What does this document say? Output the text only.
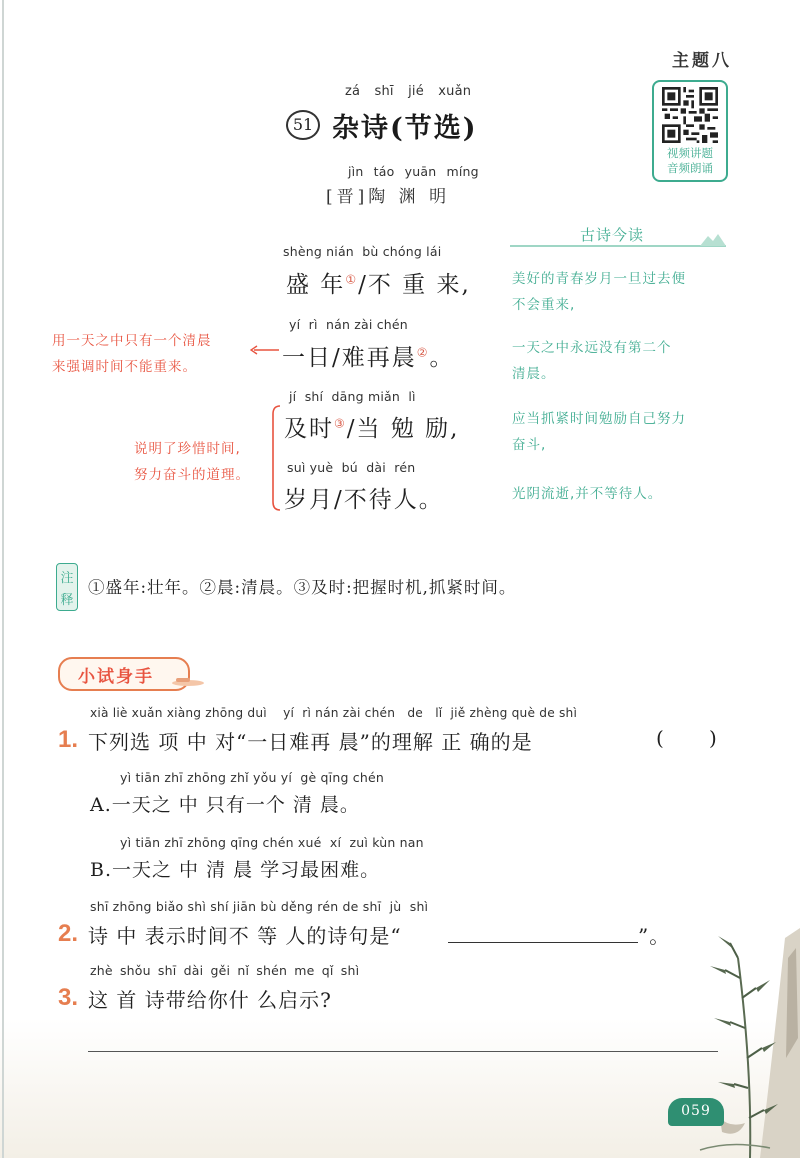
主题八
视频讲题
音频朗诵
zá shī jié xuǎn
51 杂诗(节选)
jìn táo yuān míng
[晋]陶 渊 明
古诗今读
shèng nián  bù chóng lái
盛 年①/不 重 来,
yí  rì  nán zài chén
一日/难再晨②。
jí  shí  dāng miǎn  lì
及时③/当 勉 励,
suì yuè  bú  dài  rén
岁月/不待人。
用一天之中只有一个清晨
来强调时间不能重来。
说明了珍惜时间,
努力奋斗的道理。
美好的青春岁月一旦过去便
不会重来,
一天之中永远没有第二个
清晨。
应当抓紧时间勉励自己努力
奋斗,
光阴流逝,并不等待人。
注
释
①盛年:壮年。②晨:清晨。③及时:把握时机,抓紧时间。
小试身手
xià liè xuǎn xiàng zhōng duì    yí  rì nán zài chén   de   lǐ  jiě zhèng què de shì
1. 下列选 项 中 对“一日难再 晨”的理解 正 确的是	(      )
yì tiān zhī zhōng zhǐ yǒu yí  gè qīng chén
A.一天之 中 只有一个 清 晨。
yì tiān zhī zhōng qīng chén xué  xí  zuì kùn nan
B.一天之 中 清 晨 学习最困难。
shī zhōng biǎo shì shí jiān bù děng rén de shī  jù  shì
2. 诗 中 表示时间不 等 人的诗句是“	”。
zhè shǒu shī dài gěi nǐ shén me qǐ shì
3. 这 首 诗带给你什 么启示?
059
